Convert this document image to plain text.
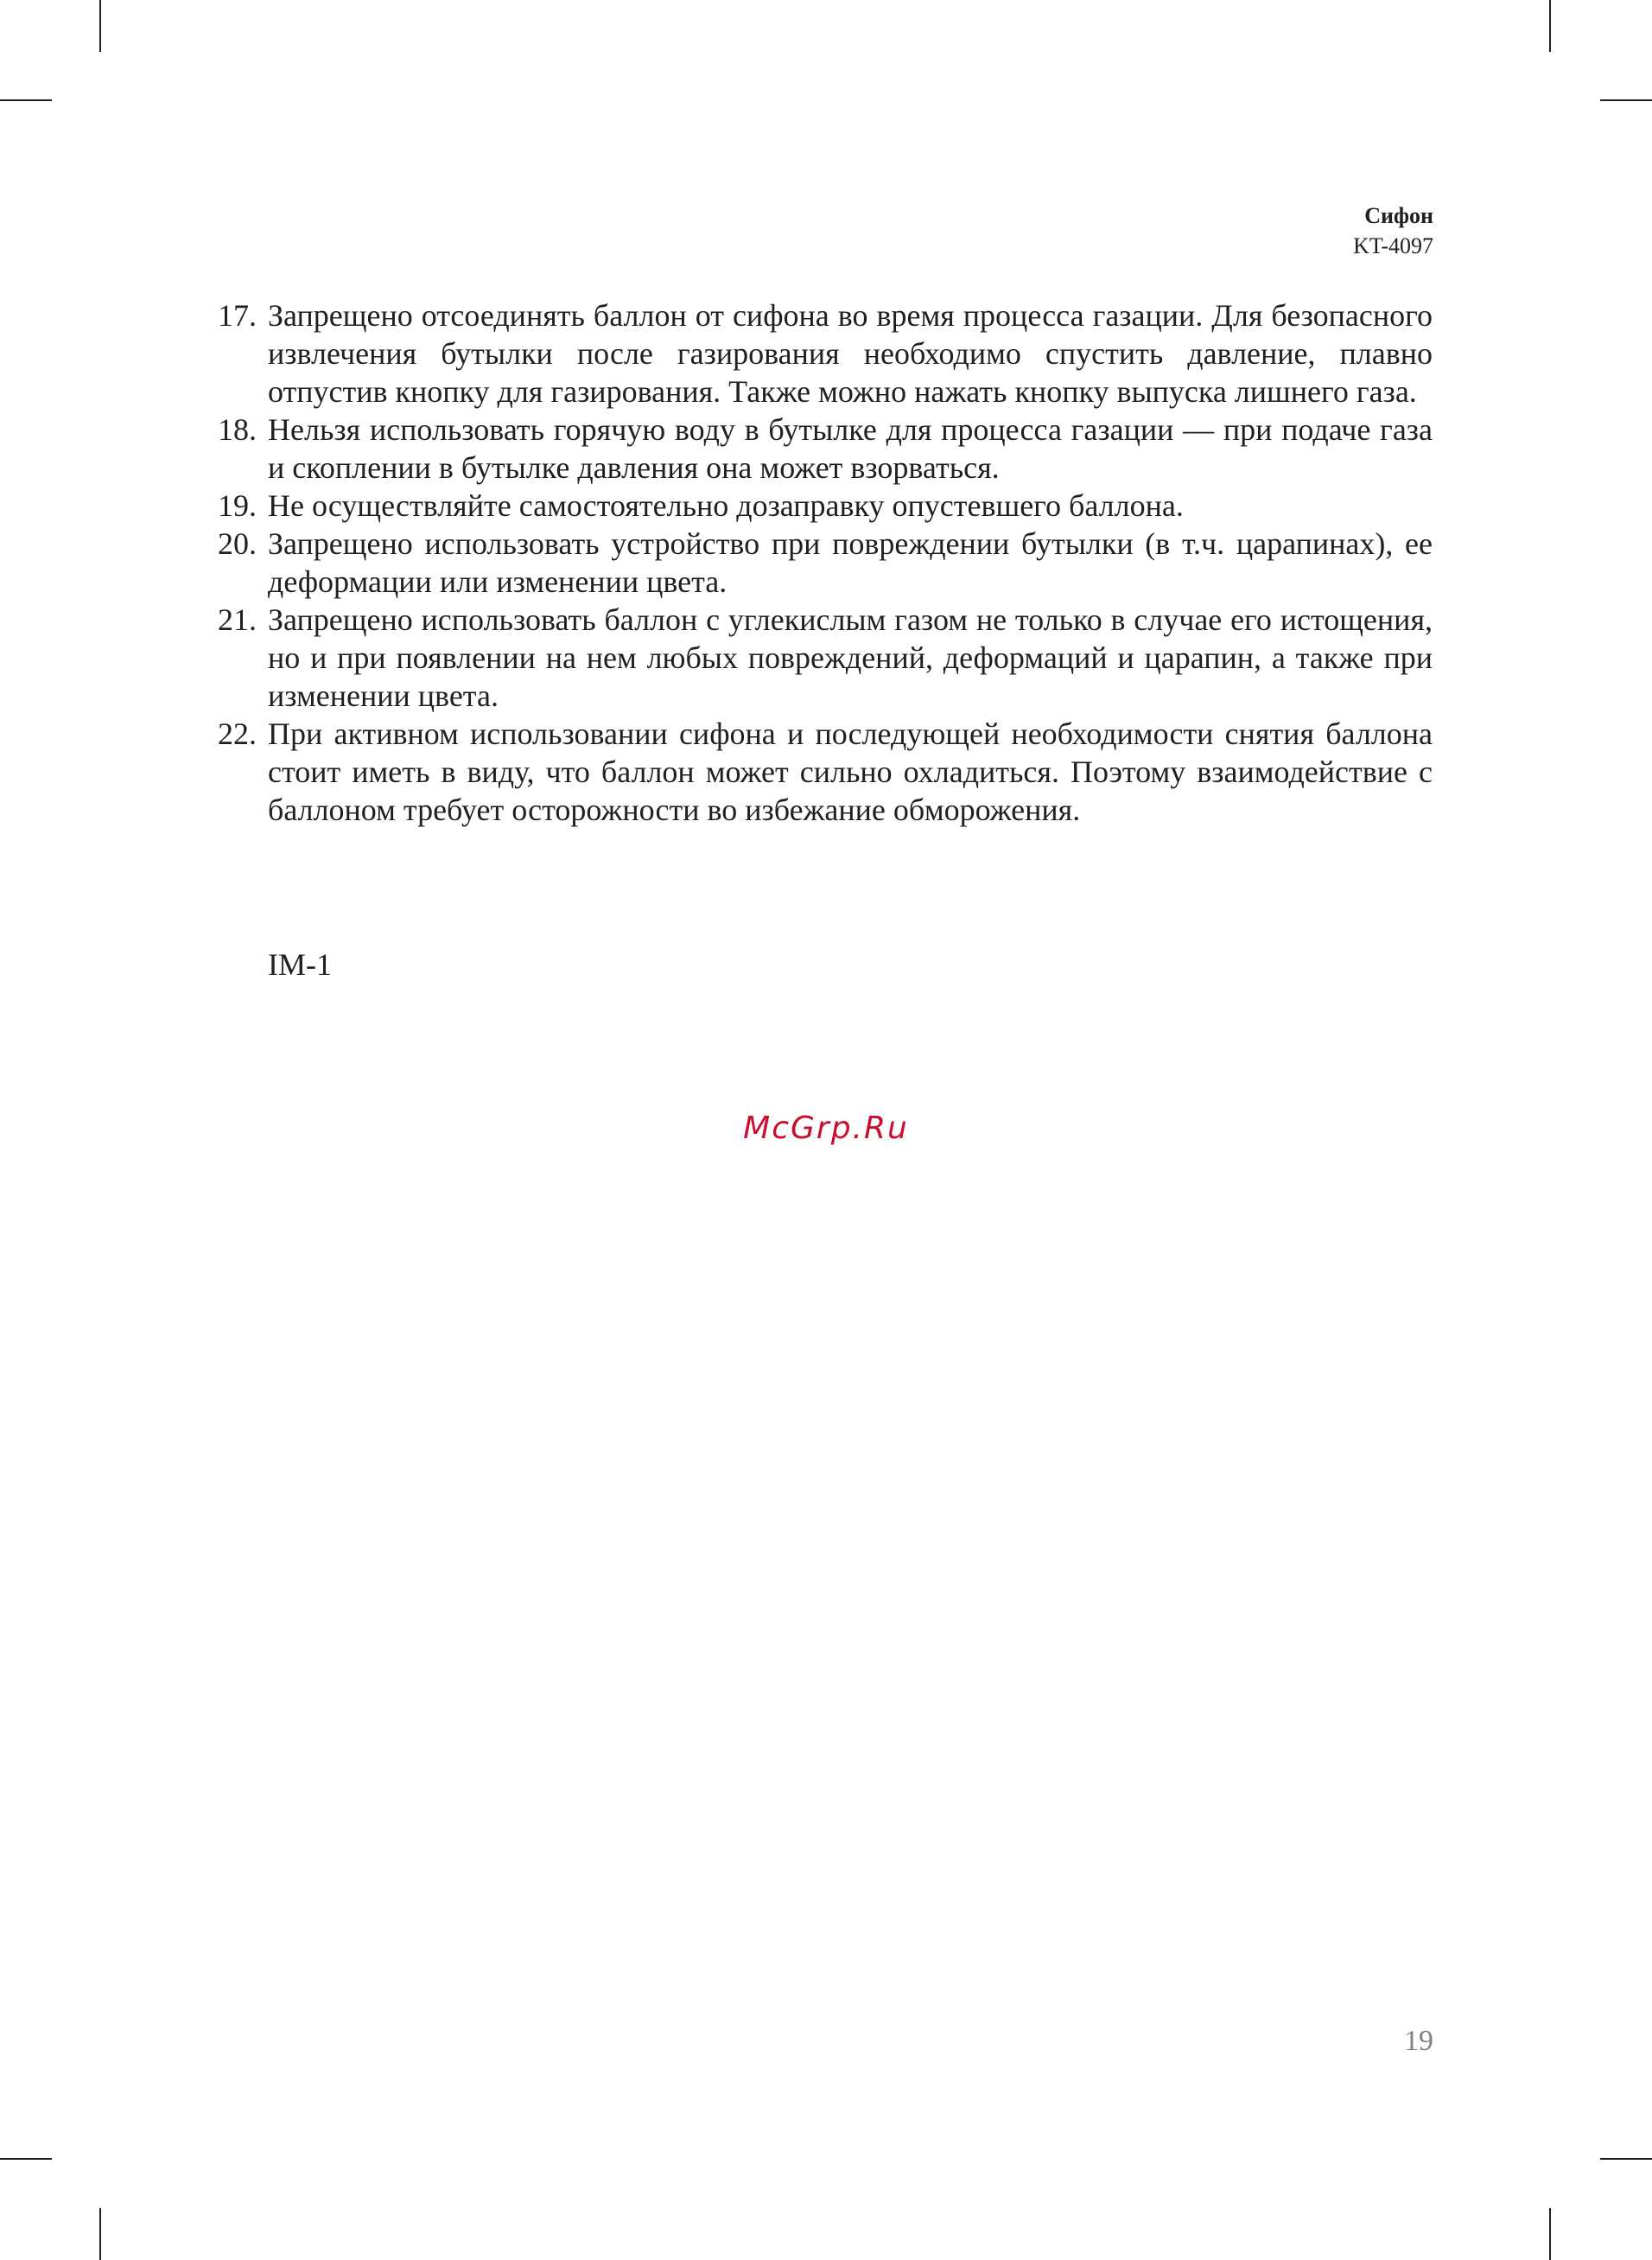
Сифон
KT-4097
17. Запрещено отсоединять баллон от сифона во время процесса газации. Для безопасного извлечения бутылки после газирования необходимо спустить давление, плавно отпустив кнопку для газирования. Также можно нажать кнопку выпуска лишнего газа.
18. Нельзя использовать горячую воду в бутылке для процесса газации — при подаче газа и скоплении в бутылке давления она может взорваться.
19. Не осуществляйте самостоятельно дозаправку опустевшего баллона.
20. Запрещено использовать устройство при повреждении бутылки (в т.ч. царапинах), ее деформации или изменении цвета.
21. Запрещено использовать баллон с углекислым газом не только в случае его истощения, но и при появлении на нем любых повреждений, деформаций и царапин, а также при изменении цвета.
22. При активном использовании сифона и последующей необходимости снятия баллона стоит иметь в виду, что баллон может сильно охладиться. Поэтому взаимодействие с баллоном требует осторожности во избежание обморожения.
IM-1
McGrp.Ru
19
